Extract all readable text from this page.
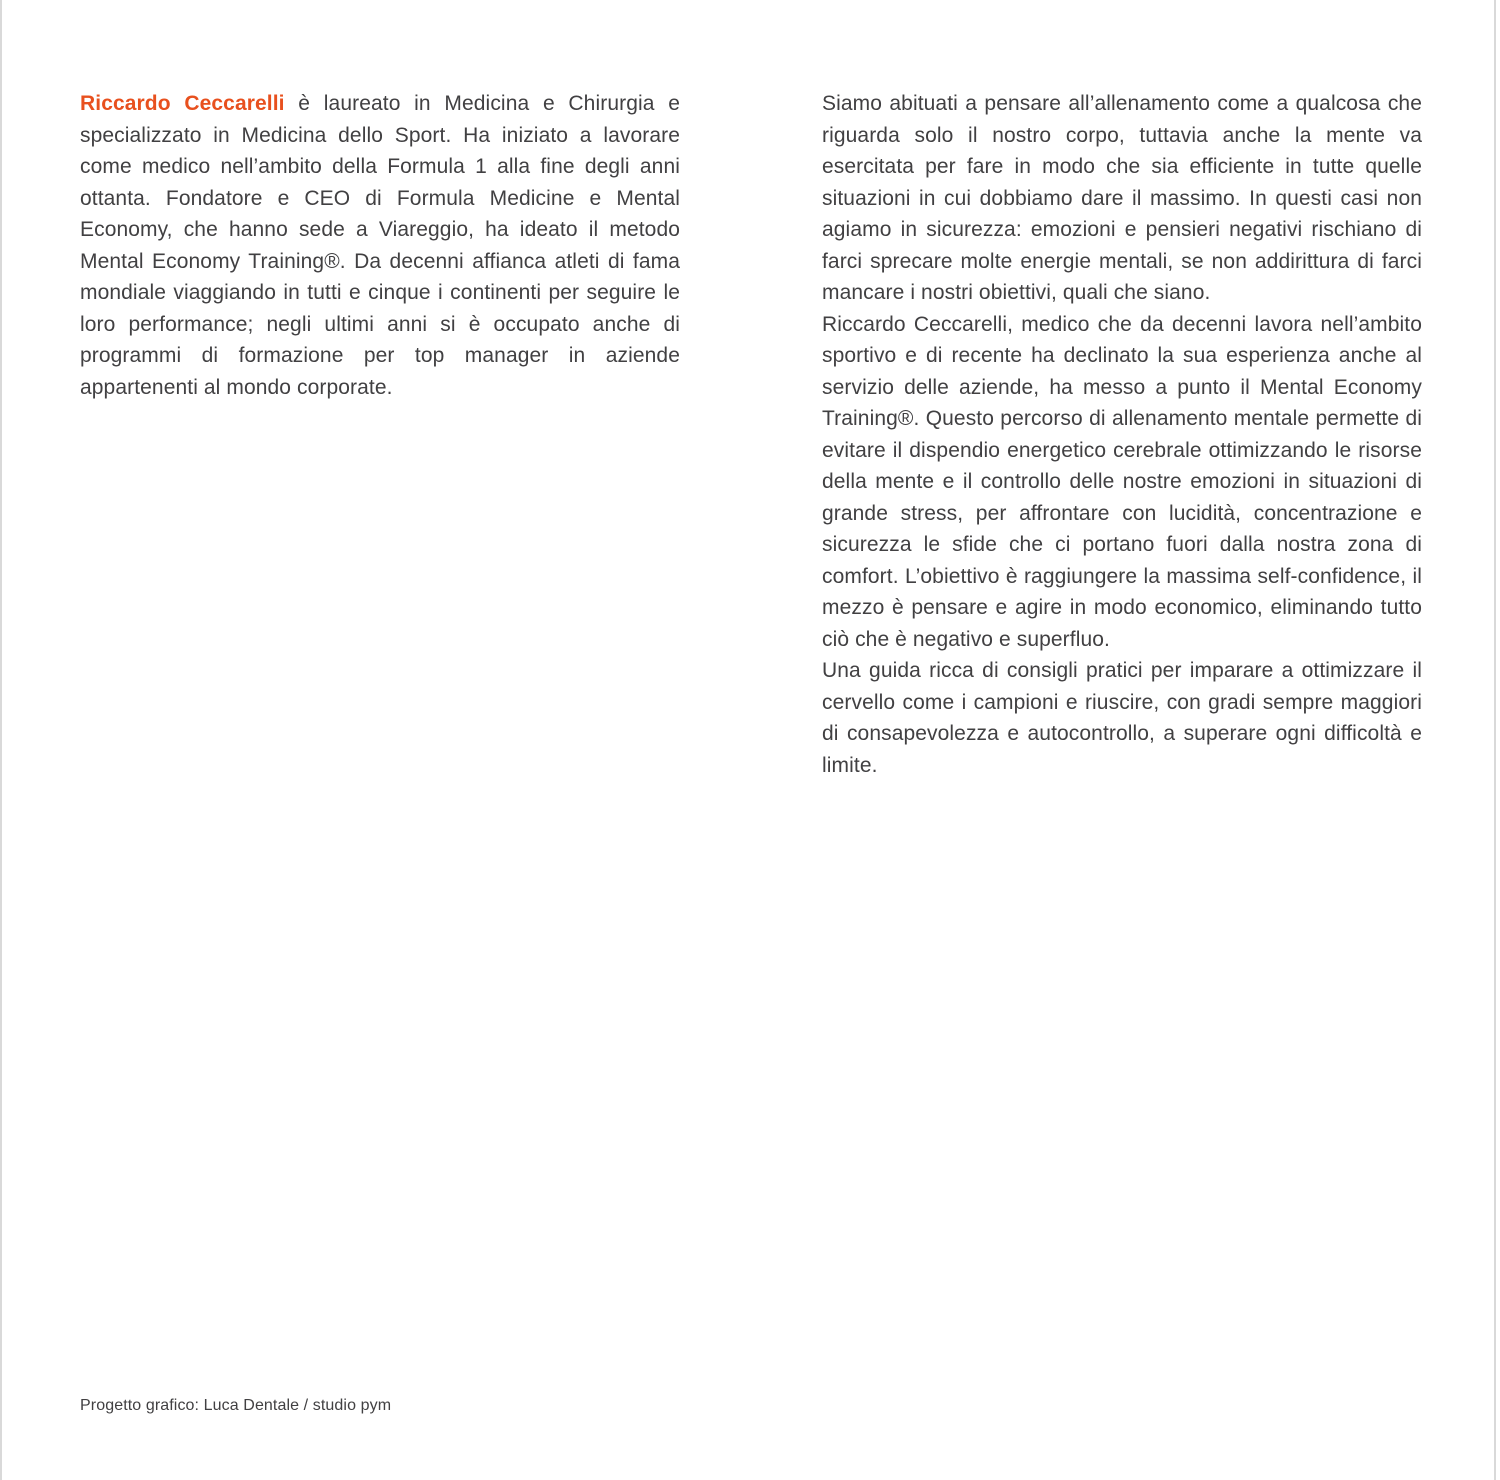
Riccardo Ceccarelli è laureato in Medicina e Chirurgia e specializzato in Medicina dello Sport. Ha iniziato a lavorare come medico nell’ambito della Formula 1 alla fine degli anni ottanta. Fondatore e CEO di Formula Medicine e Mental Economy, che hanno sede a Viareggio, ha ideato il metodo Mental Economy Training®. Da decenni affianca atleti di fama mondiale viaggiando in tutti e cinque i continenti per seguire le loro performance; negli ultimi anni si è occupato anche di programmi di formazione per top manager in aziende appartenenti al mondo corporate.

Siamo abituati a pensare all’allenamento come a qualcosa che riguarda solo il nostro corpo, tuttavia anche la mente va esercitata per fare in modo che sia efficiente in tutte quelle situazioni in cui dobbiamo dare il massimo. In questi casi non agiamo in sicurezza: emozioni e pensieri negativi rischiano di farci sprecare molte energie mentali, se non addirittura di farci mancare i nostri obiettivi, quali che siano.

Riccardo Ceccarelli, medico che da decenni lavora nell’ambito sportivo e di recente ha declinato la sua esperienza anche al servizio delle aziende, ha messo a punto il Mental Economy Training®. Questo percorso di allenamento mentale permette di evitare il dispendio energetico cerebrale ottimizzando le risorse della mente e il controllo delle nostre emozioni in situazioni di grande stress, per affrontare con lucidità, concentrazione e sicurezza le sfide che ci portano fuori dalla nostra zona di comfort. L’obiettivo è raggiungere la massima self-confidence, il mezzo è pensare e agire in modo economico, eliminando tutto ciò che è negativo e superfluo.

Una guida ricca di consigli pratici per imparare a ottimizzare il cervello come i campioni e riuscire, con gradi sempre maggiori di consapevolezza e autocontrollo, a superare ogni difficoltà e limite.

Progetto grafico: Luca Dentale / studio pym
